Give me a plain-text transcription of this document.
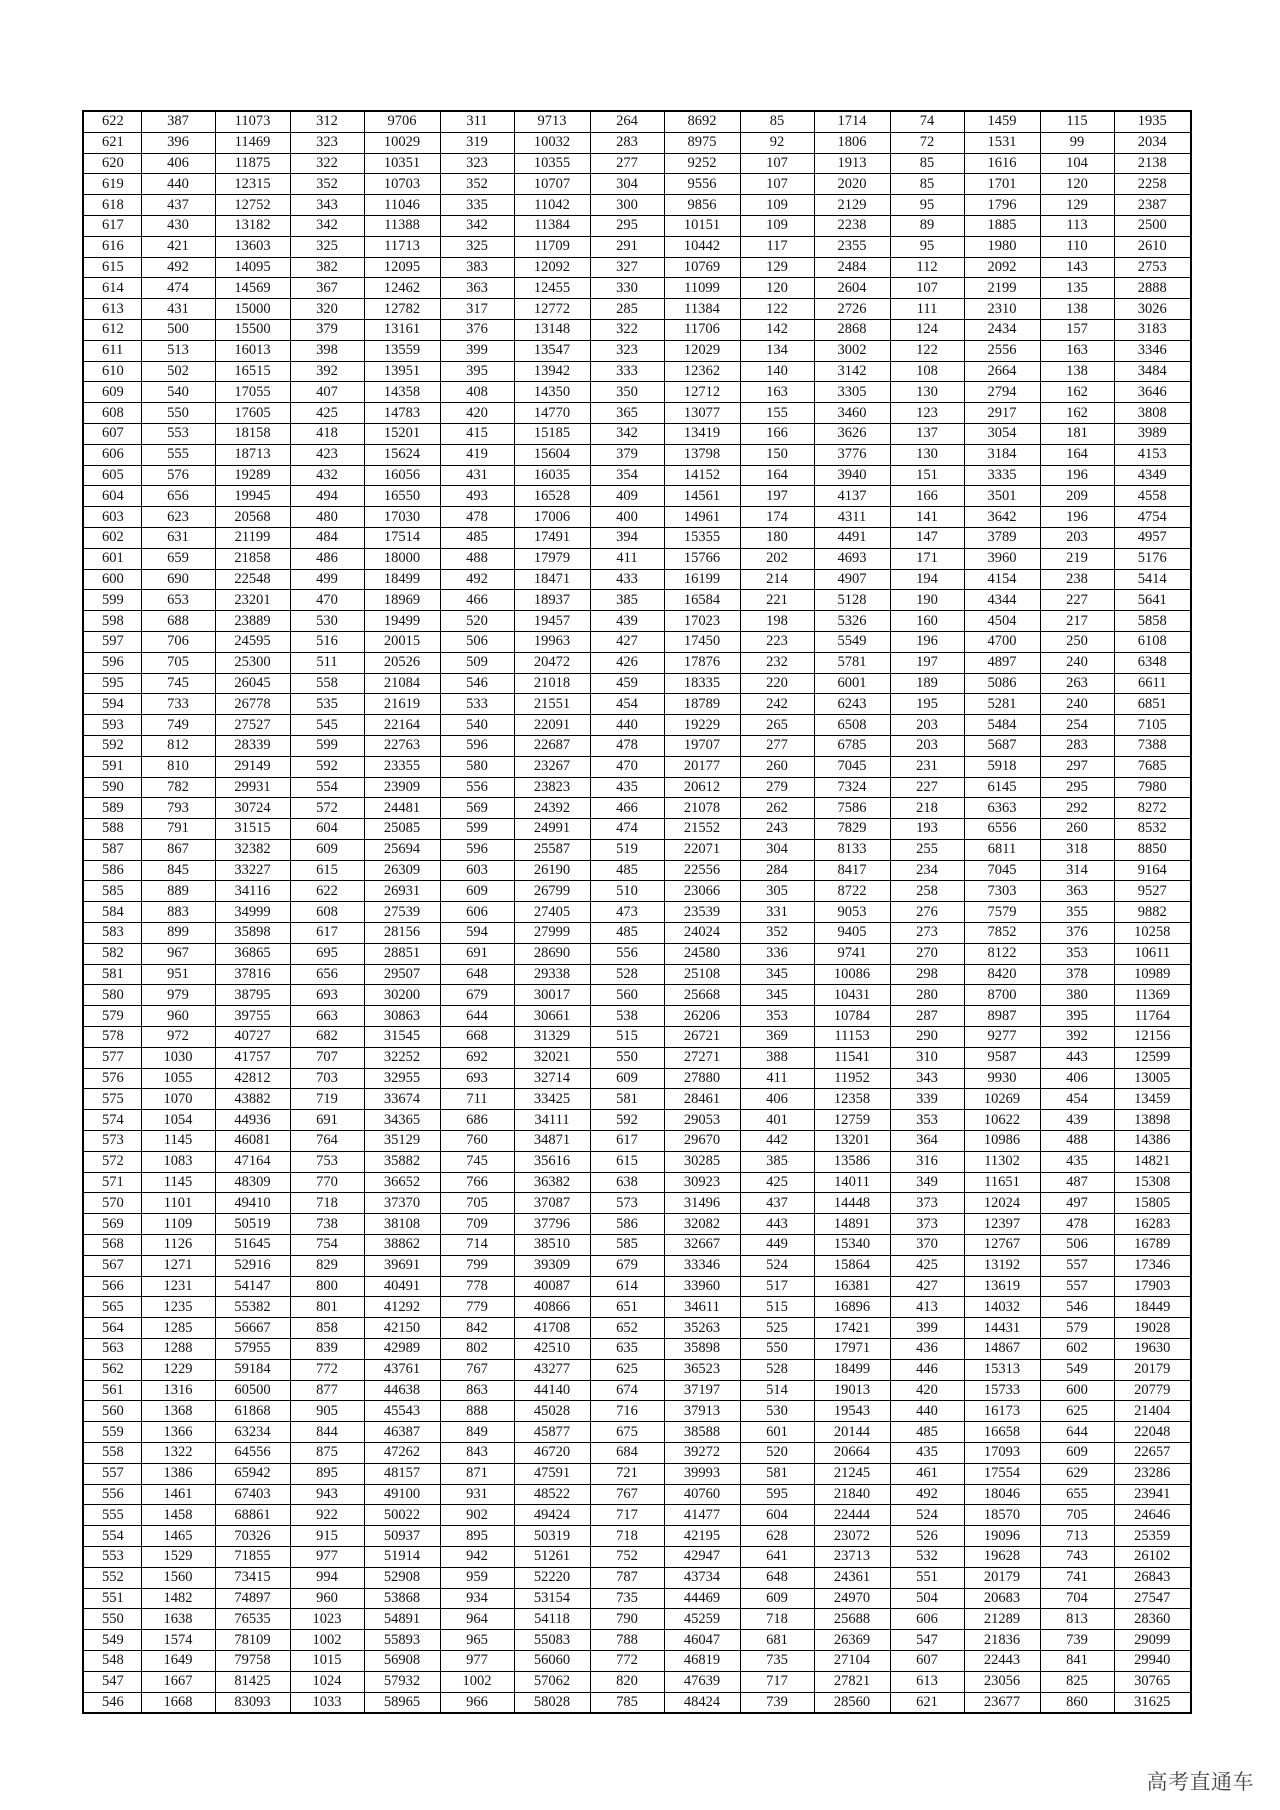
622	387	11073	312	9706	311	9713	264	8692	85	1714	74	1459	115	1935
621	396	11469	323	10029	319	10032	283	8975	92	1806	72	1531	99	2034
620	406	11875	322	10351	323	10355	277	9252	107	1913	85	1616	104	2138
619	440	12315	352	10703	352	10707	304	9556	107	2020	85	1701	120	2258
618	437	12752	343	11046	335	11042	300	9856	109	2129	95	1796	129	2387
617	430	13182	342	11388	342	11384	295	10151	109	2238	89	1885	113	2500
616	421	13603	325	11713	325	11709	291	10442	117	2355	95	1980	110	2610
615	492	14095	382	12095	383	12092	327	10769	129	2484	112	2092	143	2753
614	474	14569	367	12462	363	12455	330	11099	120	2604	107	2199	135	2888
613	431	15000	320	12782	317	12772	285	11384	122	2726	111	2310	138	3026
612	500	15500	379	13161	376	13148	322	11706	142	2868	124	2434	157	3183
611	513	16013	398	13559	399	13547	323	12029	134	3002	122	2556	163	3346
610	502	16515	392	13951	395	13942	333	12362	140	3142	108	2664	138	3484
609	540	17055	407	14358	408	14350	350	12712	163	3305	130	2794	162	3646
608	550	17605	425	14783	420	14770	365	13077	155	3460	123	2917	162	3808
607	553	18158	418	15201	415	15185	342	13419	166	3626	137	3054	181	3989
606	555	18713	423	15624	419	15604	379	13798	150	3776	130	3184	164	4153
605	576	19289	432	16056	431	16035	354	14152	164	3940	151	3335	196	4349
604	656	19945	494	16550	493	16528	409	14561	197	4137	166	3501	209	4558
603	623	20568	480	17030	478	17006	400	14961	174	4311	141	3642	196	4754
602	631	21199	484	17514	485	17491	394	15355	180	4491	147	3789	203	4957
601	659	21858	486	18000	488	17979	411	15766	202	4693	171	3960	219	5176
600	690	22548	499	18499	492	18471	433	16199	214	4907	194	4154	238	5414
599	653	23201	470	18969	466	18937	385	16584	221	5128	190	4344	227	5641
598	688	23889	530	19499	520	19457	439	17023	198	5326	160	4504	217	5858
597	706	24595	516	20015	506	19963	427	17450	223	5549	196	4700	250	6108
596	705	25300	511	20526	509	20472	426	17876	232	5781	197	4897	240	6348
595	745	26045	558	21084	546	21018	459	18335	220	6001	189	5086	263	6611
594	733	26778	535	21619	533	21551	454	18789	242	6243	195	5281	240	6851
593	749	27527	545	22164	540	22091	440	19229	265	6508	203	5484	254	7105
592	812	28339	599	22763	596	22687	478	19707	277	6785	203	5687	283	7388
591	810	29149	592	23355	580	23267	470	20177	260	7045	231	5918	297	7685
590	782	29931	554	23909	556	23823	435	20612	279	7324	227	6145	295	7980
589	793	30724	572	24481	569	24392	466	21078	262	7586	218	6363	292	8272
588	791	31515	604	25085	599	24991	474	21552	243	7829	193	6556	260	8532
587	867	32382	609	25694	596	25587	519	22071	304	8133	255	6811	318	8850
586	845	33227	615	26309	603	26190	485	22556	284	8417	234	7045	314	9164
585	889	34116	622	26931	609	26799	510	23066	305	8722	258	7303	363	9527
584	883	34999	608	27539	606	27405	473	23539	331	9053	276	7579	355	9882
583	899	35898	617	28156	594	27999	485	24024	352	9405	273	7852	376	10258
582	967	36865	695	28851	691	28690	556	24580	336	9741	270	8122	353	10611
581	951	37816	656	29507	648	29338	528	25108	345	10086	298	8420	378	10989
580	979	38795	693	30200	679	30017	560	25668	345	10431	280	8700	380	11369
579	960	39755	663	30863	644	30661	538	26206	353	10784	287	8987	395	11764
578	972	40727	682	31545	668	31329	515	26721	369	11153	290	9277	392	12156
577	1030	41757	707	32252	692	32021	550	27271	388	11541	310	9587	443	12599
576	1055	42812	703	32955	693	32714	609	27880	411	11952	343	9930	406	13005
575	1070	43882	719	33674	711	33425	581	28461	406	12358	339	10269	454	13459
574	1054	44936	691	34365	686	34111	592	29053	401	12759	353	10622	439	13898
573	1145	46081	764	35129	760	34871	617	29670	442	13201	364	10986	488	14386
572	1083	47164	753	35882	745	35616	615	30285	385	13586	316	11302	435	14821
571	1145	48309	770	36652	766	36382	638	30923	425	14011	349	11651	487	15308
570	1101	49410	718	37370	705	37087	573	31496	437	14448	373	12024	497	15805
569	1109	50519	738	38108	709	37796	586	32082	443	14891	373	12397	478	16283
568	1126	51645	754	38862	714	38510	585	32667	449	15340	370	12767	506	16789
567	1271	52916	829	39691	799	39309	679	33346	524	15864	425	13192	557	17346
566	1231	54147	800	40491	778	40087	614	33960	517	16381	427	13619	557	17903
565	1235	55382	801	41292	779	40866	651	34611	515	16896	413	14032	546	18449
564	1285	56667	858	42150	842	41708	652	35263	525	17421	399	14431	579	19028
563	1288	57955	839	42989	802	42510	635	35898	550	17971	436	14867	602	19630
562	1229	59184	772	43761	767	43277	625	36523	528	18499	446	15313	549	20179
561	1316	60500	877	44638	863	44140	674	37197	514	19013	420	15733	600	20779
560	1368	61868	905	45543	888	45028	716	37913	530	19543	440	16173	625	21404
559	1366	63234	844	46387	849	45877	675	38588	601	20144	485	16658	644	22048
558	1322	64556	875	47262	843	46720	684	39272	520	20664	435	17093	609	22657
557	1386	65942	895	48157	871	47591	721	39993	581	21245	461	17554	629	23286
556	1461	67403	943	49100	931	48522	767	40760	595	21840	492	18046	655	23941
555	1458	68861	922	50022	902	49424	717	41477	604	22444	524	18570	705	24646
554	1465	70326	915	50937	895	50319	718	42195	628	23072	526	19096	713	25359
553	1529	71855	977	51914	942	51261	752	42947	641	23713	532	19628	743	26102
552	1560	73415	994	52908	959	52220	787	43734	648	24361	551	20179	741	26843
551	1482	74897	960	53868	934	53154	735	44469	609	24970	504	20683	704	27547
550	1638	76535	1023	54891	964	54118	790	45259	718	25688	606	21289	813	28360
549	1574	78109	1002	55893	965	55083	788	46047	681	26369	547	21836	739	29099
548	1649	79758	1015	56908	977	56060	772	46819	735	27104	607	22443	841	29940
547	1667	81425	1024	57932	1002	57062	820	47639	717	27821	613	23056	825	30765
546	1668	83093	1033	58965	966	58028	785	48424	739	28560	621	23677	860	31625
高考直通车
